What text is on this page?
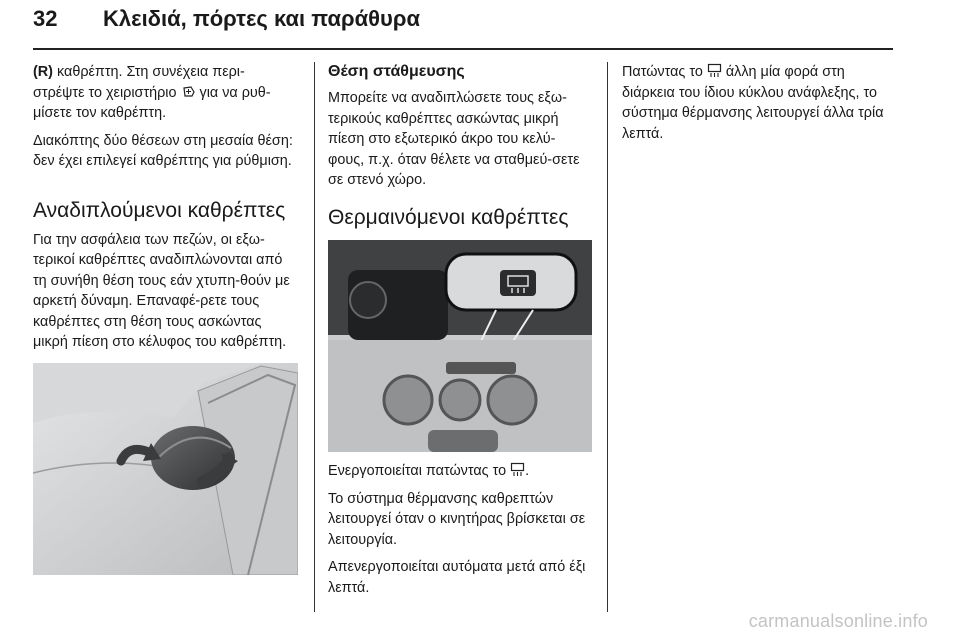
32 Κλειδιά, πόρτες και παράθυρα

(R) καθρέπτη. Στη συνέχεια περι-στρέψτε το χειριστήριο  για να ρυθ-μίσετε τον καθρέπτη.

Διακόπτης δύο θέσεων στη μεσαία θέση: δεν έχει επιλεγεί καθρέπτης για ρύθμιση.

Αναδιπλούμενοι καθρέπτες

Για την ασφάλεια των πεζών, οι εξω-τερικοί καθρέπτες αναδιπλώνονται από τη συνήθη θέση τους εάν χτυπη-θούν με αρκετή δύναμη. Επαναφέ-ρετε τους καθρέπτες στη θέση τους ασκώντας μικρή πίεση στο κέλυφος του καθρέπτη.

Θέση στάθμευσης

Μπορείτε να αναδιπλώσετε τους εξω-τερικούς καθρέπτες ασκώντας μικρή πίεση στο εξωτερικό άκρο του κελύ-φους, π.χ. όταν θέλετε να σταθμεύ-σετε σε στενό χώρο.

Θερμαινόμενοι καθρέπτες

Ενεργοποιείται πατώντας το .

Το σύστημα θέρμανσης καθρεπτών λειτουργεί όταν ο κινητήρας βρίσκεται σε λειτουργία.

Απενεργοποιείται αυτόματα μετά από έξι λεπτά.

Πατώντας το  άλλη μία φορά στη διάρκεια του ίδιου κύκλου ανάφλεξης, το σύστημα θέρμανσης λειτουργεί άλλα τρία λεπτά.

carmanualsonline.info
